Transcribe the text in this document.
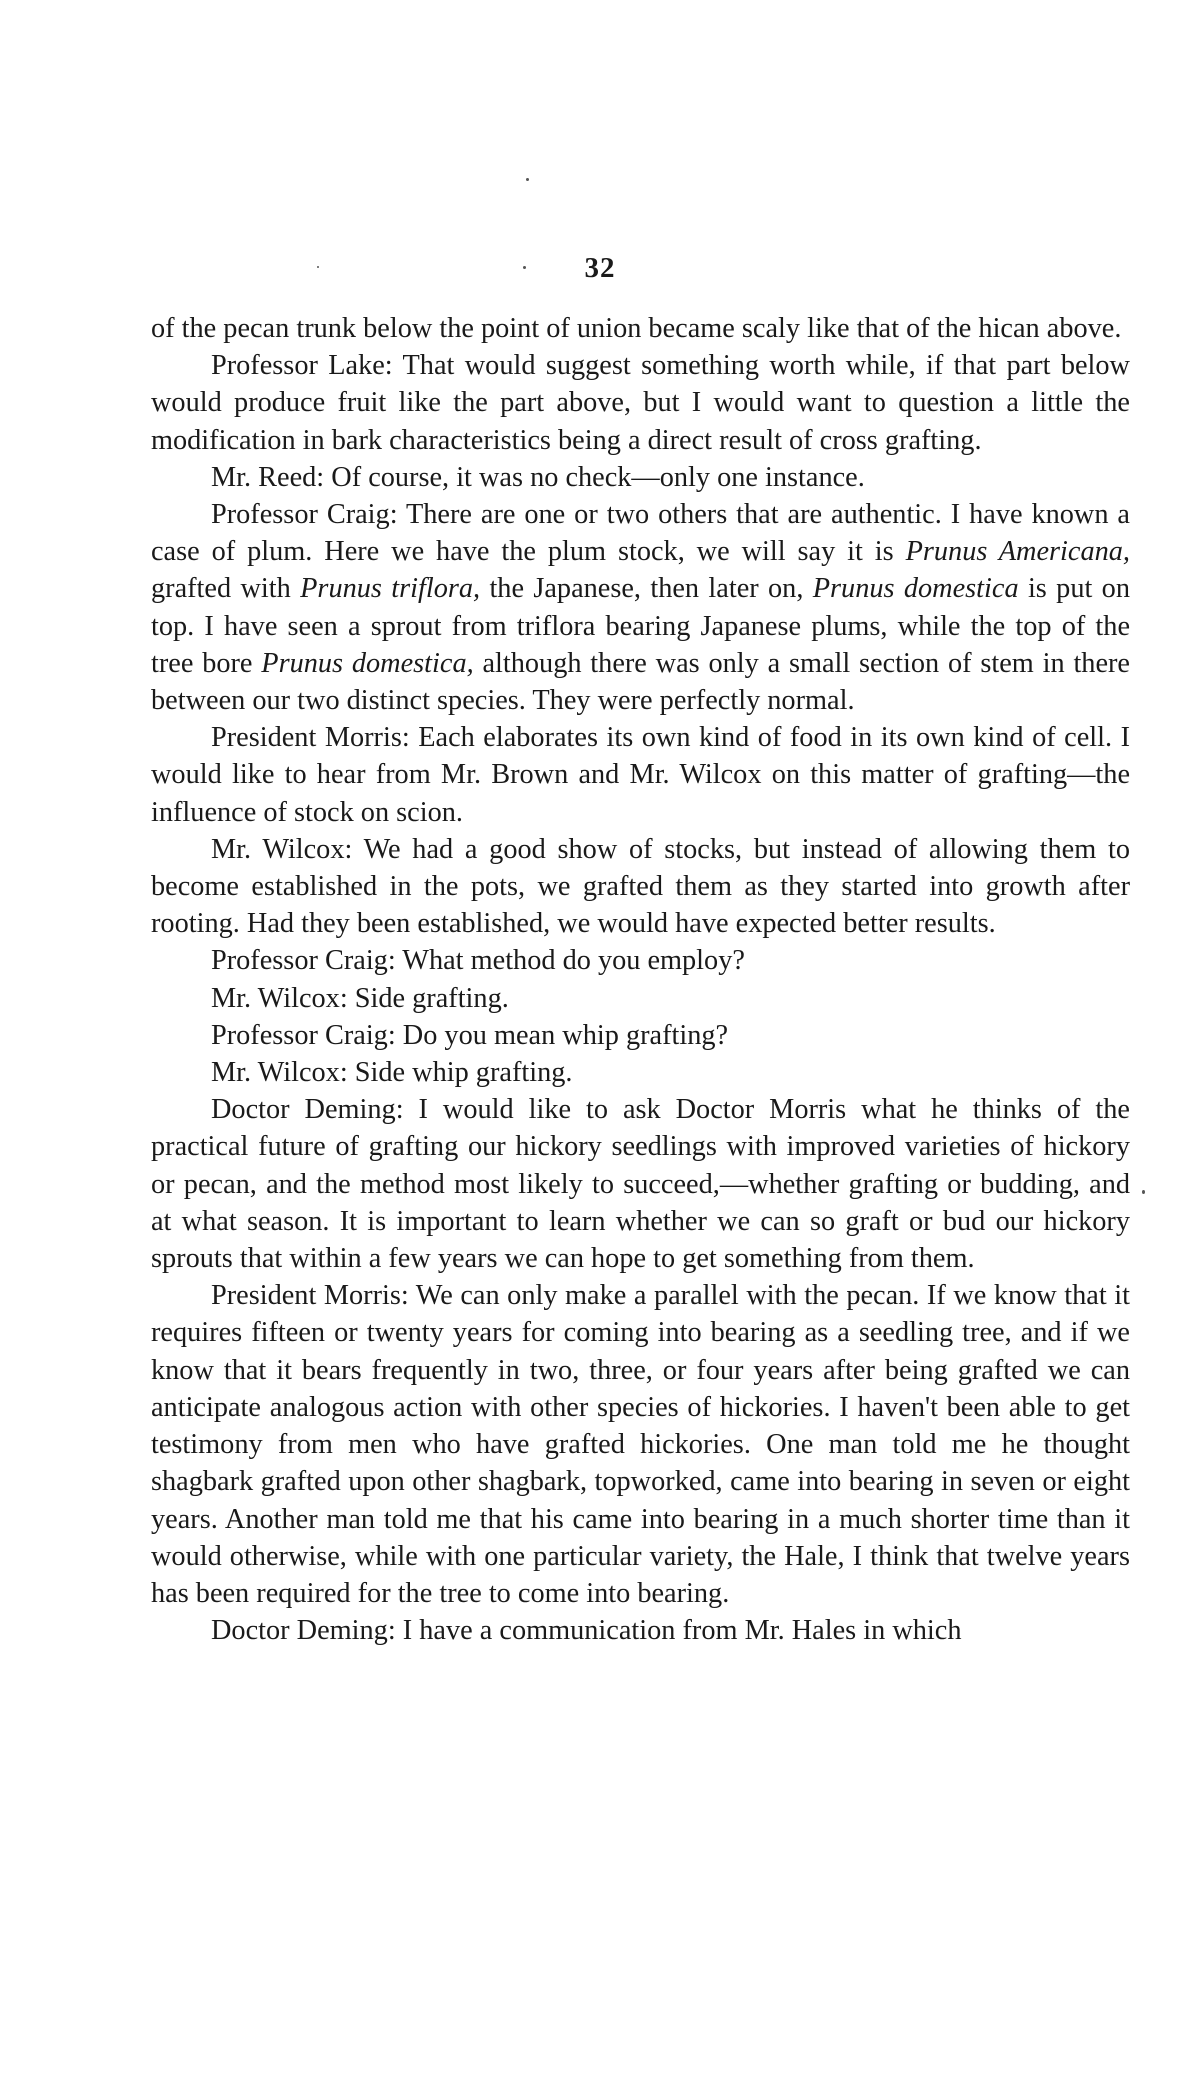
32

of the pecan trunk below the point of union became scaly like that of the hican above.

Professor Lake: That would suggest something worth while, if that part below would produce fruit like the part above, but I would want to question a little the modification in bark characteristics being a direct result of cross grafting.

Mr. Reed: Of course, it was no check—only one instance.

Professor Craig: There are one or two others that are authentic. I have known a case of plum. Here we have the plum stock, we will say it is Prunus Americana, grafted with Prunus triflora, the Japanese, then later on, Prunus domestica is put on top. I have seen a sprout from triflora bearing Japanese plums, while the top of the tree bore Prunus domestica, although there was only a small section of stem in there between our two distinct species. They were perfectly normal.

President Morris: Each elaborates its own kind of food in its own kind of cell. I would like to hear from Mr. Brown and Mr. Wilcox on this matter of grafting—the influence of stock on scion.

Mr. Wilcox: We had a good show of stocks, but instead of allowing them to become established in the pots, we grafted them as they started into growth after rooting. Had they been established, we would have expected better results.

Professor Craig: What method do you employ?

Mr. Wilcox: Side grafting.

Professor Craig: Do you mean whip grafting?

Mr. Wilcox: Side whip grafting.

Doctor Deming: I would like to ask Doctor Morris what he thinks of the practical future of grafting our hickory seedlings with improved varieties of hickory or pecan, and the method most likely to succeed,—whether grafting or budding, and at what season. It is important to learn whether we can so graft or bud our hickory sprouts that within a few years we can hope to get something from them.

President Morris: We can only make a parallel with the pecan. If we know that it requires fifteen or twenty years for coming into bearing as a seedling tree, and if we know that it bears frequently in two, three, or four years after being grafted we can anticipate analogous action with other species of hickories. I haven't been able to get testimony from men who have grafted hickories. One man told me he thought shagbark grafted upon other shagbark, topworked, came into bearing in seven or eight years. Another man told me that his came into bearing in a much shorter time than it would otherwise, while with one particular variety, the Hale, I think that twelve years has been required for the tree to come into bearing.

Doctor Deming: I have a communication from Mr. Hales in which
